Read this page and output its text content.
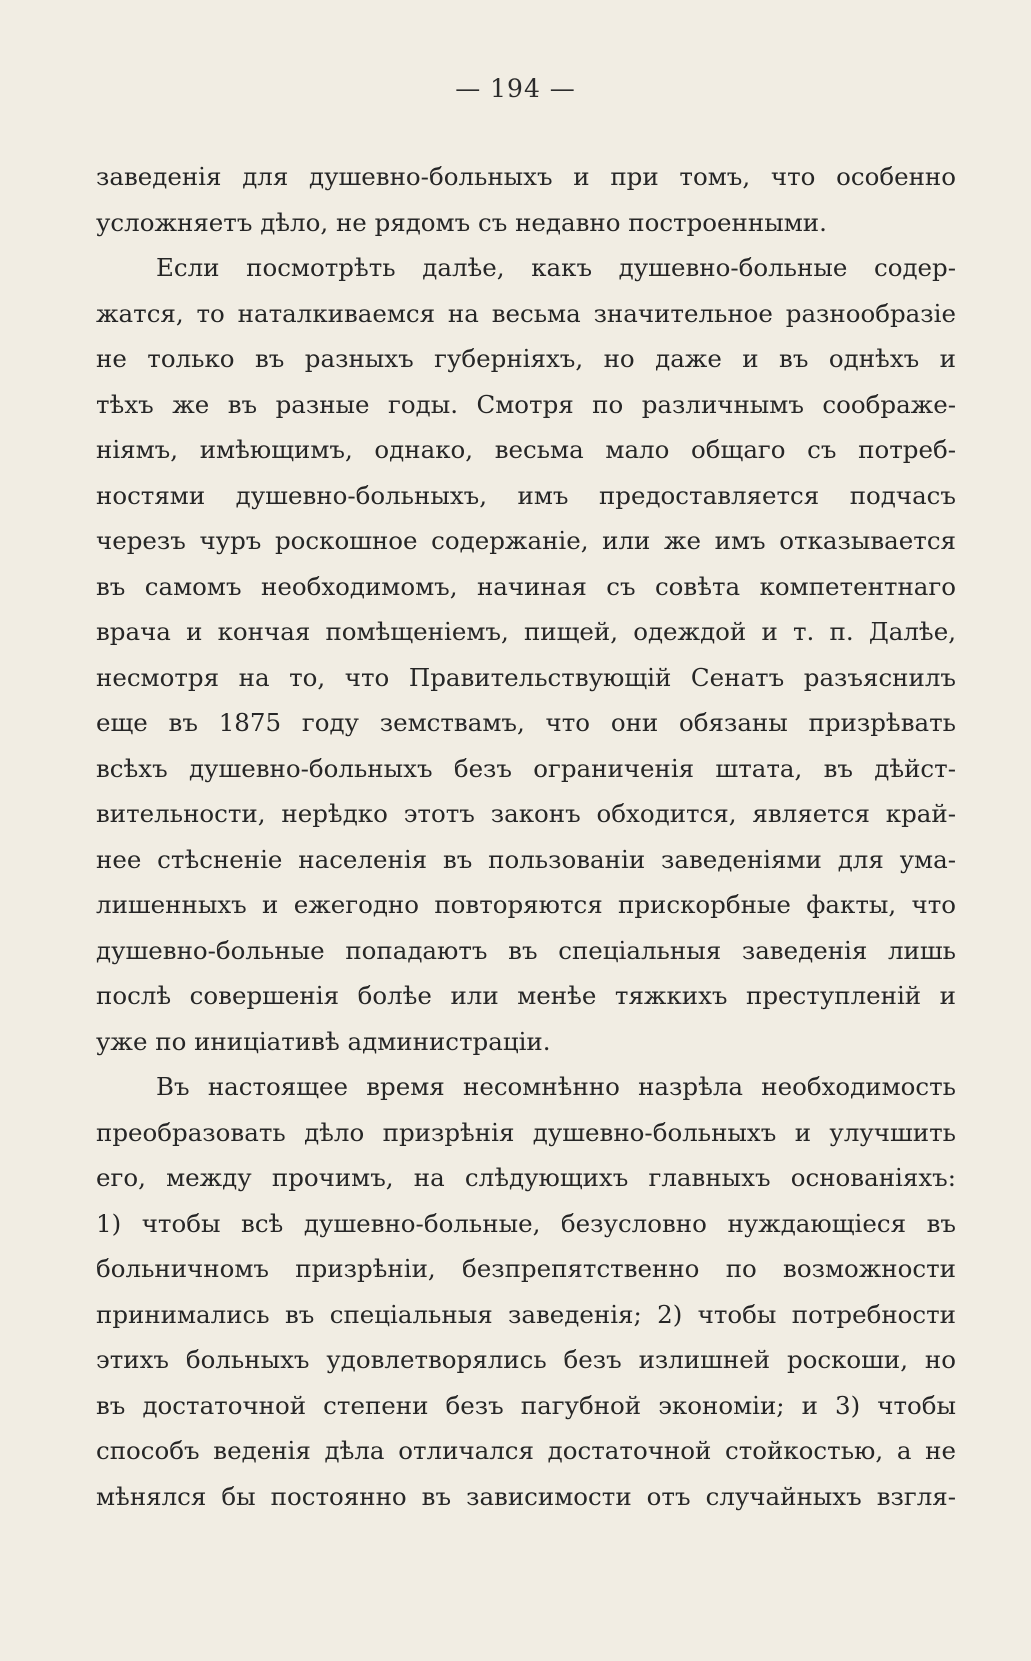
— 194 —
заведенія для душевно-больныхъ и при томъ, что особенно
усложняетъ дѣло, не рядомъ съ недавно построенными.
Если посмотрѣть далѣе, какъ душевно-больные содер-
жатся, то наталкиваемся на весьма значительное разнообразіе
не только въ разныхъ губерніяхъ, но даже и въ однѣхъ и
тѣхъ же въ разные годы. Смотря по различнымъ соображе-
ніямъ, имѣющимъ, однако, весьма мало общаго съ потреб-
ностями душевно-больныхъ, имъ предоставляется подчасъ
черезъ чуръ роскошное содержаніе, или же имъ отказывается
въ самомъ необходимомъ, начиная съ совѣта компетентнаго
врача и кончая помѣщеніемъ, пищей, одеждой и т. п. Далѣе,
несмотря на то, что Правительствующій Сенатъ разъяснилъ
еще въ 1875 году земствамъ, что они обязаны призрѣвать
всѣхъ душевно-больныхъ безъ ограниченія штата, въ дѣйст-
вительности, нерѣдко этотъ законъ обходится, является край-
нее стѣсненіе населенія въ пользованіи заведеніями для ума-
лишенныхъ и ежегодно повторяются прискорбные факты, что
душевно-больные попадаютъ въ спеціальныя заведенія лишь
послѣ совершенія болѣе или менѣе тяжкихъ преступленій и
уже по иниціативѣ администраціи.
Въ настоящее время несомнѣнно назрѣла необходимость
преобразовать дѣло призрѣнія душевно-больныхъ и улучшить
его, между прочимъ, на слѣдующихъ главныхъ основаніяхъ:
1) чтобы всѣ душевно-больные, безусловно нуждающіеся въ
больничномъ призрѣніи, безпрепятственно по возможности
принимались въ спеціальныя заведенія; 2) чтобы потребности
этихъ больныхъ удовлетворялись безъ излишней роскоши, но
въ достаточной степени безъ пагубной экономіи; и 3) чтобы
способъ веденія дѣла отличался достаточной стойкостью, а не
мѣнялся бы постоянно въ зависимости отъ случайныхъ взгля-
